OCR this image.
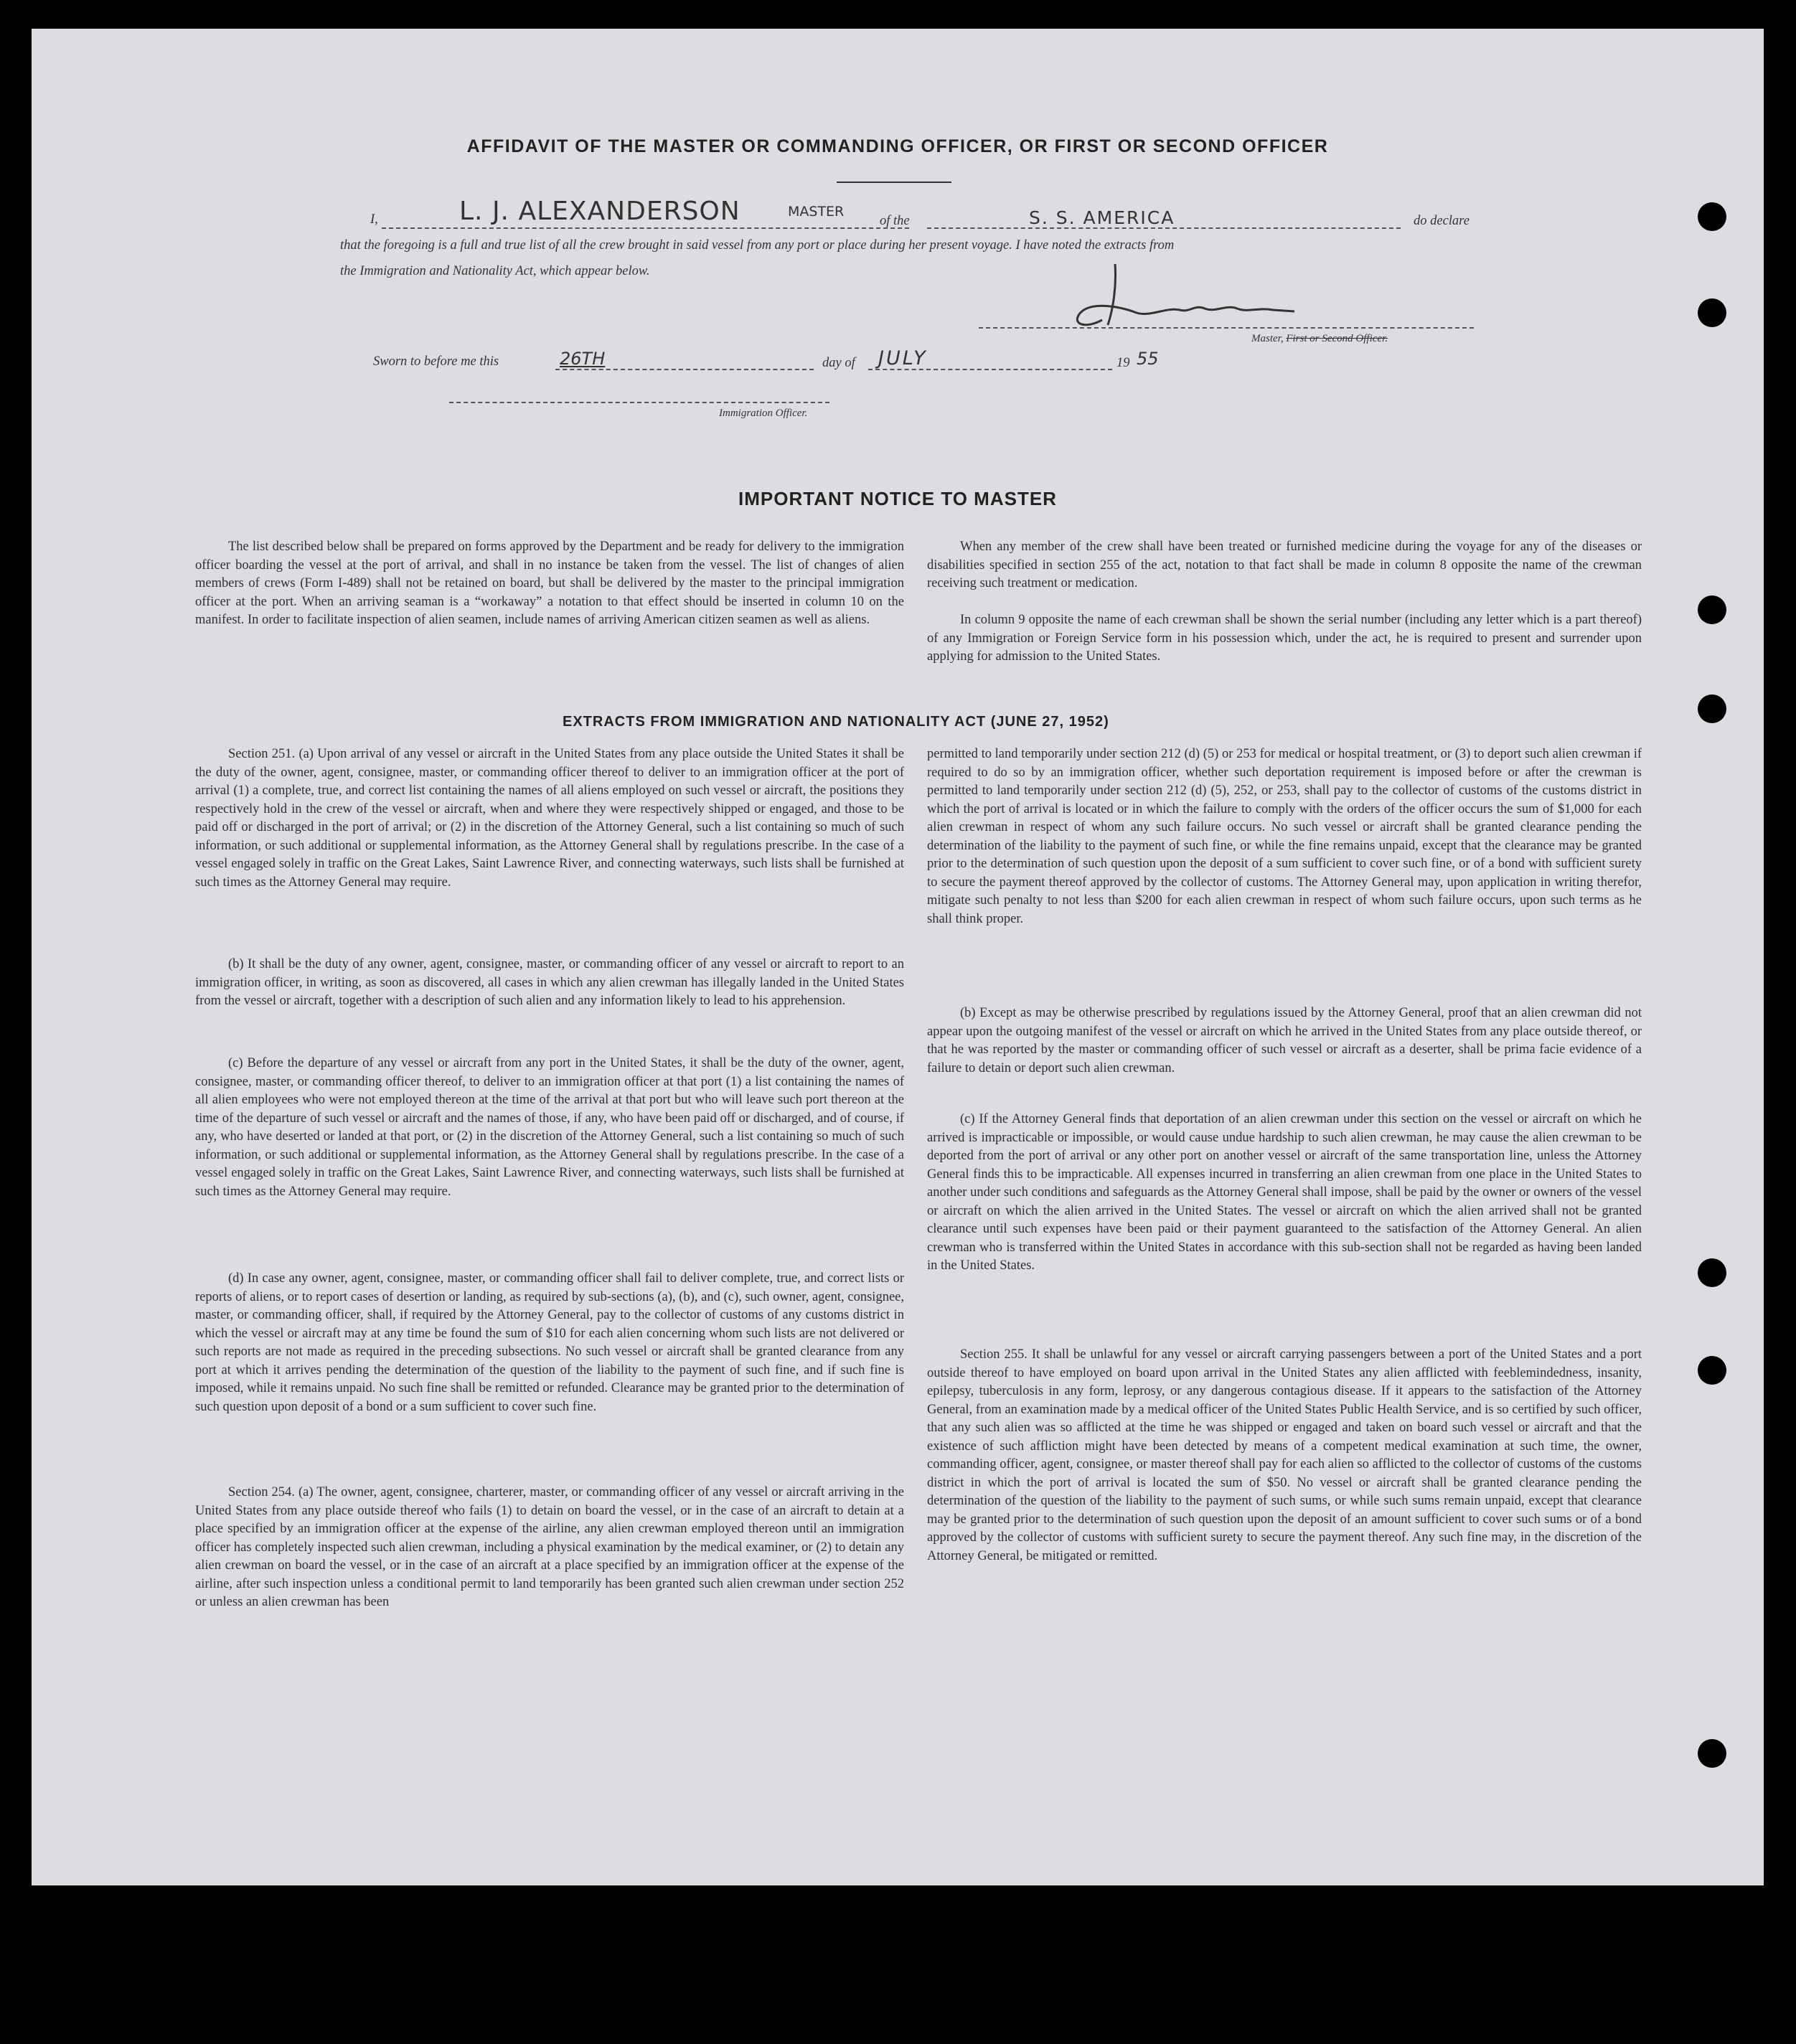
AFFIDAVIT OF THE MASTER OR COMMANDING OFFICER, OR FIRST OR SECOND OFFICER
I,	L. J. ALEXANDERSON	MASTER
of the	S. S. AMERICA	do declare
that the foregoing is a full and true list of all the crew brought in said vessel from any port or place during her present voyage. I have noted the extracts from
the Immigration and Nationality Act, which appear below.
Master, First or Second Officer.
Sworn to before me this	26TH	day of JULY	19 55
Immigration Officer.
IMPORTANT NOTICE TO MASTER

The list described below shall be prepared on forms approved by the Department and be ready for delivery to the immigration officer boarding the vessel at the port of arrival, and shall in no instance be taken from the vessel. The list of changes of alien members of crews (Form I-489) shall not be retained on board, but shall be delivered by the master to the principal immigration officer at the port. When an arriving seaman is a “workaway” a notation to that effect should be inserted in column 10 on the manifest. In order to facilitate inspection of alien seamen, include names of arriving American citizen seamen as well as aliens.

When any member of the crew shall have been treated or furnished medicine during the voyage for any of the diseases or disabilities specified in section 255 of the act, notation to that fact shall be made in column 8 opposite the name of the crewman receiving such treatment or medication.

In column 9 opposite the name of each crewman shall be shown the serial number (including any letter which is a part thereof) of any Immigration or Foreign Service form in his possession which, under the act, he is required to present and surrender upon applying for admission to the United States.

EXTRACTS FROM IMMIGRATION AND NATIONALITY ACT (JUNE 27, 1952)

Section 251. (a) Upon arrival of any vessel or aircraft in the United States from any place outside the United States it shall be the duty of the owner, agent, consignee, master, or commanding officer thereof to deliver to an immigration officer at the port of arrival (1) a complete, true, and correct list containing the names of all aliens employed on such vessel or aircraft, the positions they respectively hold in the crew of the vessel or aircraft, when and where they were respectively shipped or engaged, and those to be paid off or discharged in the port of arrival; or (2) in the discretion of the Attorney General, such a list containing so much of such information, or such additional or supplemental information, as the Attorney General shall by regulations prescribe. In the case of a vessel engaged solely in traffic on the Great Lakes, Saint Lawrence River, and connecting waterways, such lists shall be furnished at such times as the Attorney General may require.

(b) It shall be the duty of any owner, agent, consignee, master, or commanding officer of any vessel or aircraft to report to an immigration officer, in writing, as soon as discovered, all cases in which any alien crewman has illegally landed in the United States from the vessel or aircraft, together with a description of such alien and any information likely to lead to his apprehension.

(c) Before the departure of any vessel or aircraft from any port in the United States, it shall be the duty of the owner, agent, consignee, master, or commanding officer thereof, to deliver to an immigration officer at that port (1) a list containing the names of all alien employees who were not employed thereon at the time of the arrival at that port but who will leave such port thereon at the time of the departure of such vessel or aircraft and the names of those, if any, who have been paid off or discharged, and of course, if any, who have deserted or landed at that port, or (2) in the discretion of the Attorney General, such a list containing so much of such information, or such additional or supplemental information, as the Attorney General shall by regulations prescribe. In the case of a vessel engaged solely in traffic on the Great Lakes, Saint Lawrence River, and connecting waterways, such lists shall be furnished at such times as the Attorney General may require.

(d) In case any owner, agent, consignee, master, or commanding officer shall fail to deliver complete, true, and correct lists or reports of aliens, or to report cases of desertion or landing, as required by sub-sections (a), (b), and (c), such owner, agent, consignee, master, or commanding officer, shall, if required by the Attorney General, pay to the collector of customs of any customs district in which the vessel or aircraft may at any time be found the sum of $10 for each alien concerning whom such lists are not delivered or such reports are not made as required in the preceding subsections. No such vessel or aircraft shall be granted clearance from any port at which it arrives pending the determination of the question of the liability to the payment of such fine, and if such fine is imposed, while it remains unpaid. No such fine shall be remitted or refunded. Clearance may be granted prior to the determination of such question upon deposit of a bond or a sum sufficient to cover such fine.

Section 254. (a) The owner, agent, consignee, charterer, master, or commanding officer of any vessel or aircraft arriving in the United States from any place outside thereof who fails (1) to detain on board the vessel, or in the case of an aircraft to detain at a place specified by an immigration officer at the expense of the airline, any alien crewman employed thereon until an immigration officer has completely inspected such alien crewman, including a physical examination by the medical examiner, or (2) to detain any alien crewman on board the vessel, or in the case of an aircraft at a place specified by an immigration officer at the expense of the airline, after such inspection unless a conditional permit to land temporarily has been granted such alien crewman under section 252 or unless an alien crewman has been

permitted to land temporarily under section 212 (d) (5) or 253 for medical or hospital treatment, or (3) to deport such alien crewman if required to do so by an immigration officer, whether such deportation requirement is imposed before or after the crewman is permitted to land temporarily under section 212 (d) (5), 252, or 253, shall pay to the collector of customs of the customs district in which the port of arrival is located or in which the failure to comply with the orders of the officer occurs the sum of $1,000 for each alien crewman in respect of whom any such failure occurs. No such vessel or aircraft shall be granted clearance pending the determination of the liability to the payment of such fine, or while the fine remains unpaid, except that the clearance may be granted prior to the determination of such question upon the deposit of a sum sufficient to cover such fine, or of a bond with sufficient surety to secure the payment thereof approved by the collector of customs. The Attorney General may, upon application in writing therefor, mitigate such penalty to not less than $200 for each alien crewman in respect of whom such failure occurs, upon such terms as he shall think proper.

(b) Except as may be otherwise prescribed by regulations issued by the Attorney General, proof that an alien crewman did not appear upon the outgoing manifest of the vessel or aircraft on which he arrived in the United States from any place outside thereof, or that he was reported by the master or commanding officer of such vessel or aircraft as a deserter, shall be prima facie evidence of a failure to detain or deport such alien crewman.

(c) If the Attorney General finds that deportation of an alien crewman under this section on the vessel or aircraft on which he arrived is impracticable or impossible, or would cause undue hardship to such alien crewman, he may cause the alien crewman to be deported from the port of arrival or any other port on another vessel or aircraft of the same transportation line, unless the Attorney General finds this to be impracticable. All expenses incurred in transferring an alien crewman from one place in the United States to another under such conditions and safeguards as the Attorney General shall impose, shall be paid by the owner or owners of the vessel or aircraft on which the alien arrived in the United States. The vessel or aircraft on which the alien arrived shall not be granted clearance until such expenses have been paid or their payment guaranteed to the satisfaction of the Attorney General. An alien crewman who is transferred within the United States in accordance with this sub-section shall not be regarded as having been landed in the United States.

Section 255. It shall be unlawful for any vessel or aircraft carrying passengers between a port of the United States and a port outside thereof to have employed on board upon arrival in the United States any alien afflicted with feeblemindedness, insanity, epilepsy, tuberculosis in any form, leprosy, or any dangerous contagious disease. If it appears to the satisfaction of the Attorney General, from an examination made by a medical officer of the United States Public Health Service, and is so certified by such officer, that any such alien was so afflicted at the time he was shipped or engaged and taken on board such vessel or aircraft and that the existence of such affliction might have been detected by means of a competent medical examination at such time, the owner, commanding officer, agent, consignee, or master thereof shall pay for each alien so afflicted to the collector of customs of the customs district in which the port of arrival is located the sum of $50. No vessel or aircraft shall be granted clearance pending the determination of the question of the liability to the payment of such sums, or while such sums remain unpaid, except that clearance may be granted prior to the determination of such question upon the deposit of an amount sufficient to cover such sums or of a bond approved by the collector of customs with sufficient surety to secure the payment thereof. Any such fine may, in the discretion of the Attorney General, be mitigated or remitted.
